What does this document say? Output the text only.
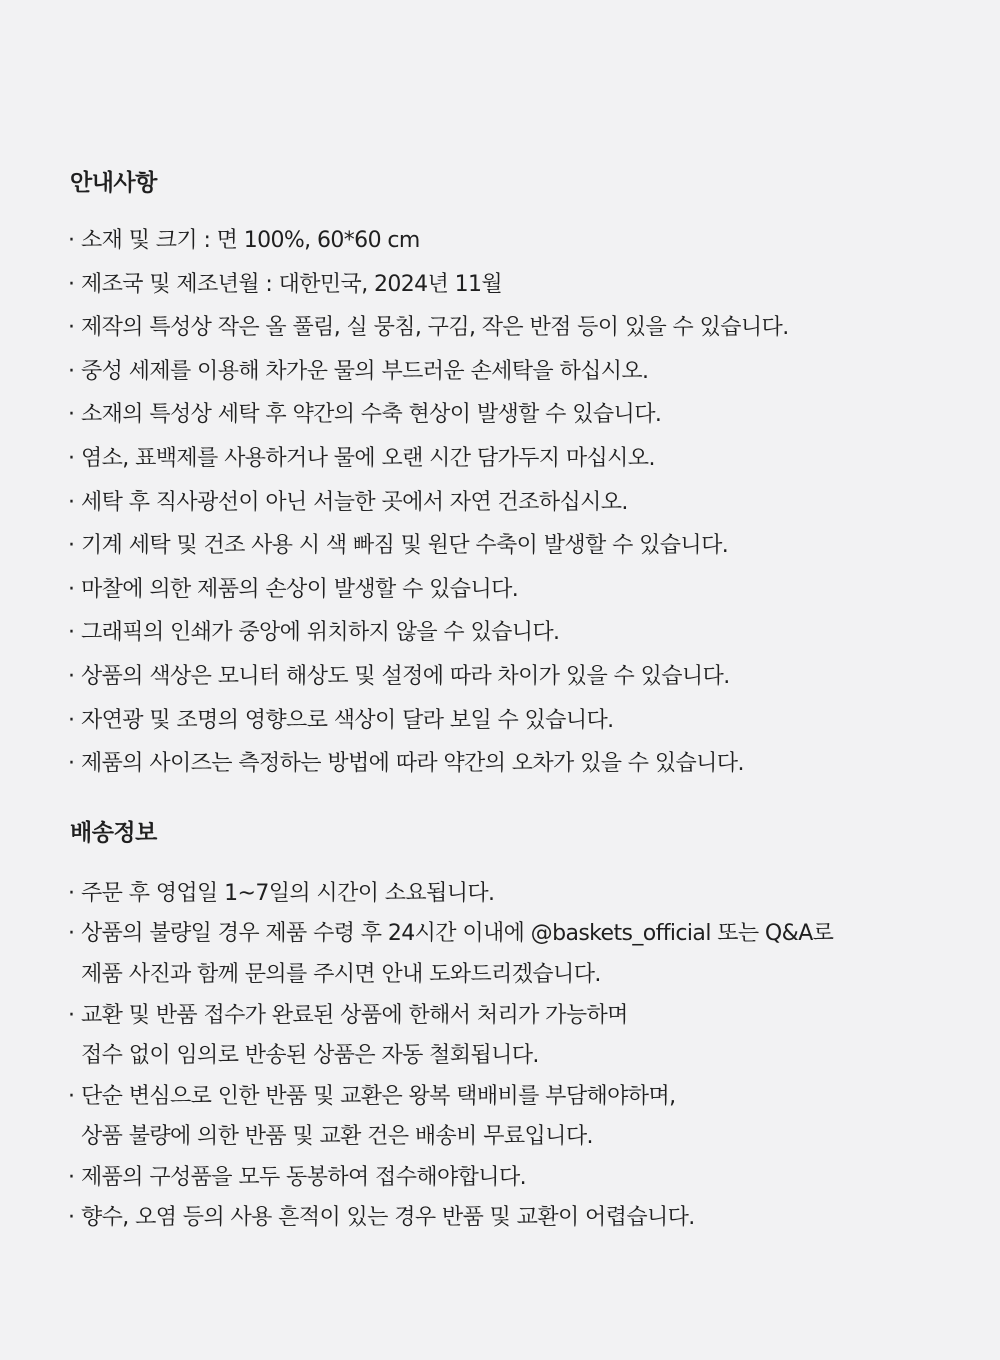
안내사항
· 소재 및 크기 : 면 100%, 60*60 cm
· 제조국 및 제조년월 : 대한민국, 2024년 11월
· 제작의 특성상 작은 올 풀림, 실 뭉침, 구김, 작은 반점 등이 있을 수 있습니다.
· 중성 세제를 이용해 차가운 물의 부드러운 손세탁을 하십시오.
· 소재의 특성상 세탁 후 약간의 수축 현상이 발생할 수 있습니다.
· 염소, 표백제를 사용하거나 물에 오랜 시간 담가두지 마십시오.
· 세탁 후 직사광선이 아닌 서늘한 곳에서 자연 건조하십시오.
· 기계 세탁 및 건조 사용 시 색 빠짐 및 원단 수축이 발생할 수 있습니다.
· 마찰에 의한 제품의 손상이 발생할 수 있습니다.
· 그래픽의 인쇄가 중앙에 위치하지 않을 수 있습니다.
· 상품의 색상은 모니터 해상도 및 설정에 따라 차이가 있을 수 있습니다.
· 자연광 및 조명의 영향으로 색상이 달라 보일 수 있습니다.
· 제품의 사이즈는 측정하는 방법에 따라 약간의 오차가 있을 수 있습니다.
배송정보
· 주문 후 영업일 1~7일의 시간이 소요됩니다.
· 상품의 불량일 경우 제품 수령 후 24시간 이내에 @baskets_official 또는 Q&A로
제품 사진과 함께 문의를 주시면 안내 도와드리겠습니다.
· 교환 및 반품 접수가 완료된 상품에 한해서 처리가 가능하며
접수 없이 임의로 반송된 상품은 자동 철회됩니다.
· 단순 변심으로 인한 반품 및 교환은 왕복 택배비를 부담해야하며,
상품 불량에 의한 반품 및 교환 건은 배송비 무료입니다.
· 제품의 구성품을 모두 동봉하여 접수해야합니다.
· 향수, 오염 등의 사용 흔적이 있는 경우 반품 및 교환이 어렵습니다.
